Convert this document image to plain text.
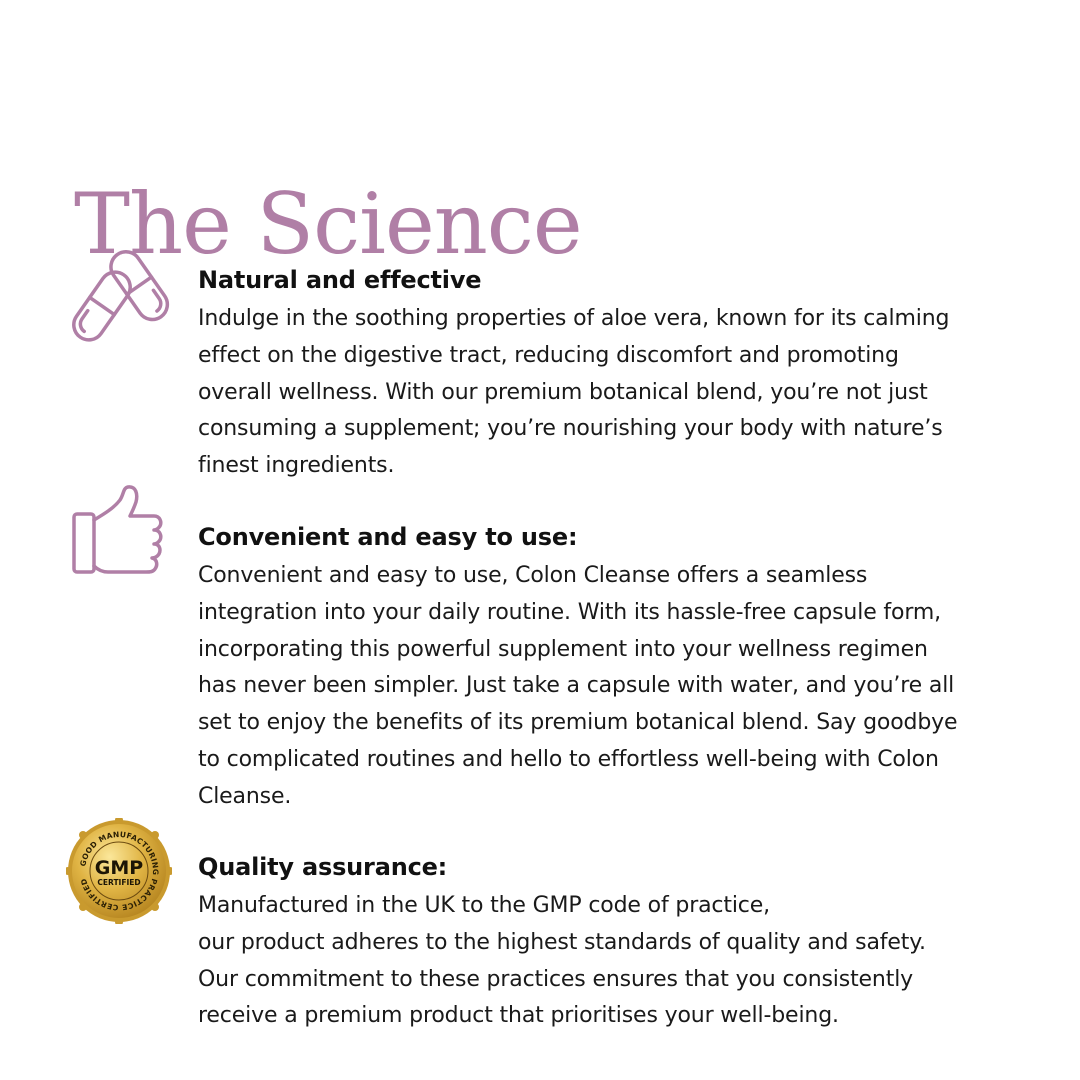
The Science
GOOD MANUFACTURING PRACTICE CERTIFIED
GMP
CERTIFIED
Natural and effective

Indulge in the soothing properties of aloe vera, known for its calming
effect on the digestive tract, reducing discomfort and promoting
overall wellness. With our premium botanical blend, you’re not just
consuming a supplement; you’re nourishing your body with nature’s
finest ingredients.

Convenient and easy to use:

Convenient and easy to use, Colon Cleanse offers a seamless
integration into your daily routine. With its hassle-free capsule form,
incorporating this powerful supplement into your wellness regimen
has never been simpler. Just take a capsule with water, and you’re all
set to enjoy the benefits of its premium botanical blend. Say goodbye
to complicated routines and hello to effortless well-being with Colon
Cleanse.

Quality assurance:

Manufactured in the UK to the GMP code of practice,
our product adheres to the highest standards of quality and safety.
Our commitment to these practices ensures that you consistently
receive a premium product that prioritises your well-being.
